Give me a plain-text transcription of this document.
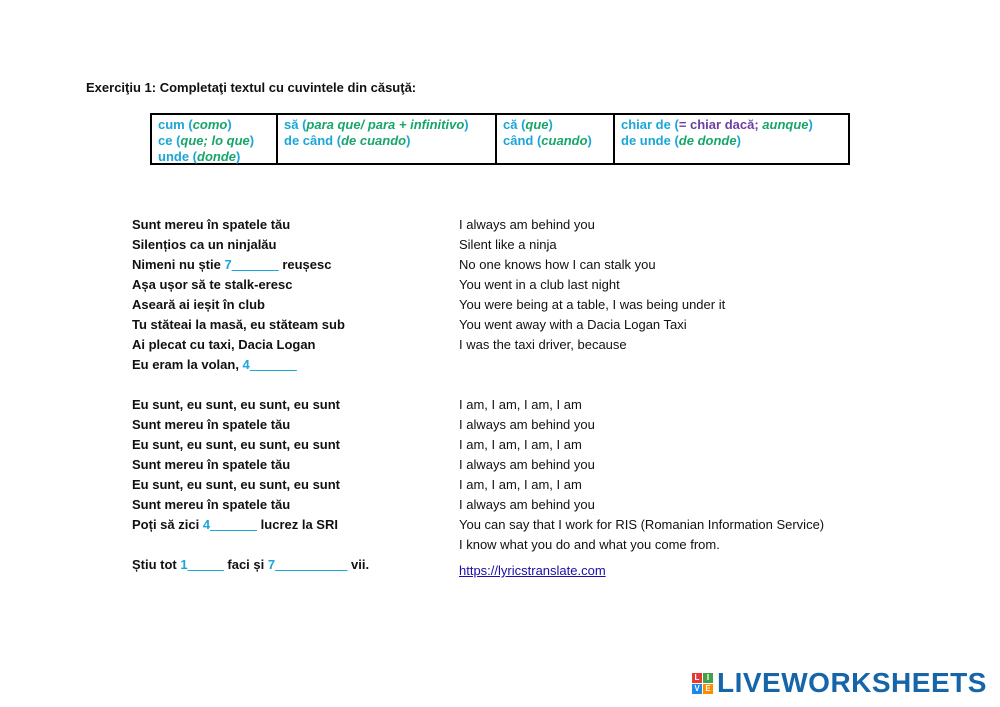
Exerciţiu 1: Completaţi textul cu cuvintele din căsuţă:
cum (como)
ce (que; lo que)
unde (donde)
să (para que/ para + infinitivo)
de când (de cuando)
că (que)
când (cuando)
chiar de (= chiar dacă; aunque)
de unde (de donde)
Sunt mereu în spatele tău
Silențios ca un ninjalău
Nimeni nu știe 7 ______ reușesc
Așa ușor să te stalk-eresc
Aseară ai ieșit în club
Tu stăteai la masă, eu stăteam sub
Ai plecat cu taxi, Dacia Logan
Eu eram la volan, 4 ______
Eu sunt, eu sunt, eu sunt, eu sunt
Sunt mereu în spatele tău
Eu sunt, eu sunt, eu sunt, eu sunt
Sunt mereu în spatele tău
Eu sunt, eu sunt, eu sunt, eu sunt
Sunt mereu în spatele tău
Poți să zici 4 ______ lucrez la SRI
Știu tot 1_____ faci și 7 ___ ______ vii.
I always am behind you
Silent like a ninja
No one knows how I can stalk you
You went in a club last night
You were being at a table, I was being under it
You went away with a Dacia Logan Taxi
I was the taxi driver, because
I am, I am, I am, I am
I always am behind you
I am, I am, I am, I am
I always am behind you
I am, I am, I am, I am
I always am behind you
You can say that I work for RIS (Romanian Information Service)
I know what you do and what you come from.
https://lyricstranslate.com
L I
V E LIVEWORKSHEETS
